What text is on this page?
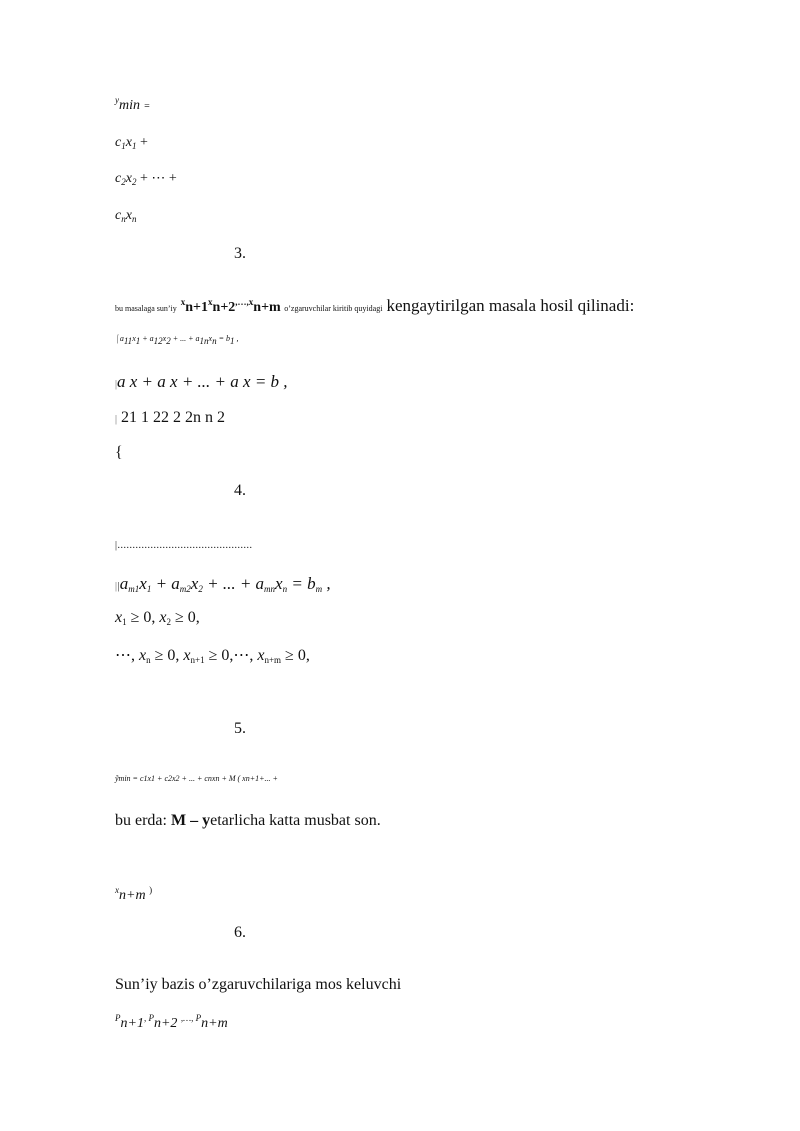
$^y$min =
$c_1x_1$ +
$c_2x_2$ + ⋯ +
$c_nx_n$
3.
bu masalaga sun’iy $^xn+1^xn+2^{,\dots,x}n+m$ o’zgaruvchilar kiritib quyidagi kengaytirilgan masala hosil qilinadi:
⌠a11x1 + a12x2 + ... + a1nxn = b1 ,
|a x + a x + ... + a x = b ,
| 21 1 22 2 2n n 2
{
4.
|.............................................
$||a_{m1}x_1 + a_{m2}x_2$ + ... + $a_{mn}x_n = b_m$ ,
$x_1 \ge 0$, $x_2 \ge 0$,
⋯, $x_n \ge 0$, $x_{n+1}$ ≥ 0,⋯, $x_{n+m} \ge 0$,
5.
ỹmin = c1x1 + c2x2 + ... + cnxn + M ( xn+1+... +
bu erda: M – yetarlicha katta musbat son.
$^x$n+m )
6.
Sun’iy bazis o’zgaruvchilariga mos keluvchi
$^Pn+1^{, P}n+2$ $^{,\dots, P}$n+m
